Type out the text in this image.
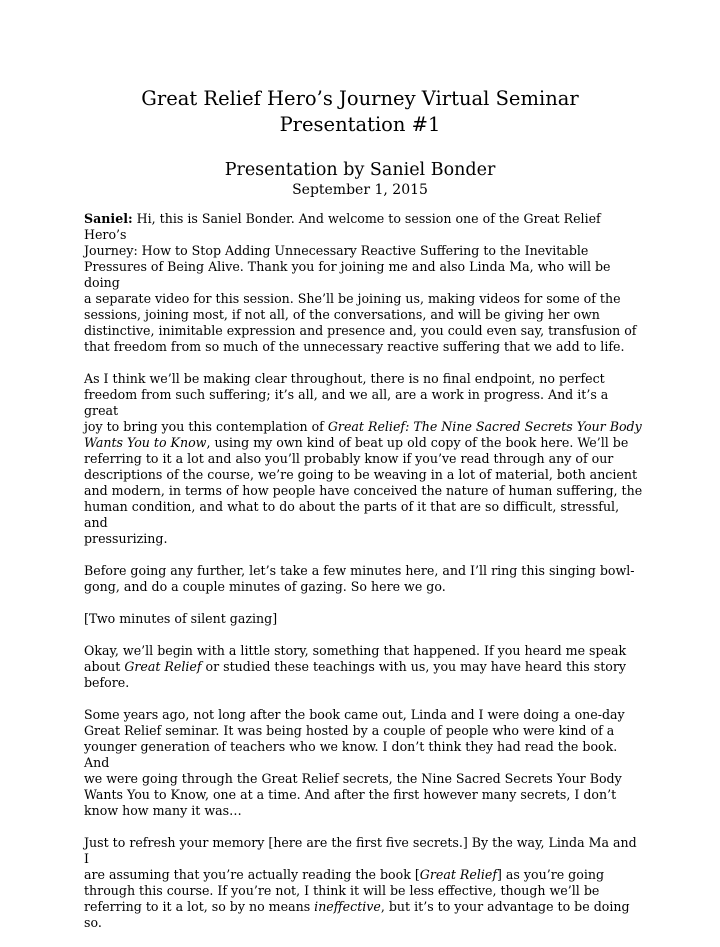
Great Relief Hero’s Journey Virtual Seminar
Presentation #1
Presentation by Saniel Bonder
September 1, 2015

Saniel: Hi, this is Saniel Bonder. And welcome to session one of the Great Relief Hero’s
Journey: How to Stop Adding Unnecessary Reactive Suffering to the Inevitable
Pressures of Being Alive. Thank you for joining me and also Linda Ma, who will be doing
a separate video for this session. She’ll be joining us, making videos for some of the
sessions, joining most, if not all, of the conversations, and will be giving her own
distinctive, inimitable expression and presence and, you could even say, transfusion of
that freedom from so much of the unnecessary reactive suffering that we add to life.

As I think we’ll be making clear throughout, there is no final endpoint, no perfect
freedom from such suffering; it’s all, and we all, are a work in progress. And it’s a great
joy to bring you this contemplation of Great Relief: The Nine Sacred Secrets Your Body
Wants You to Know, using my own kind of beat up old copy of the book here. We’ll be
referring to it a lot and also you’ll probably know if you’ve read through any of our
descriptions of the course, we’re going to be weaving in a lot of material, both ancient
and modern, in terms of how people have conceived the nature of human suffering, the
human condition, and what to do about the parts of it that are so difficult, stressful, and
pressurizing.

Before going any further, let’s take a few minutes here, and I’ll ring this singing bowl-
gong, and do a couple minutes of gazing. So here we go.

[Two minutes of silent gazing]

Okay, we’ll begin with a little story, something that happened. If you heard me speak
about Great Relief or studied these teachings with us, you may have heard this story
before.

Some years ago, not long after the book came out, Linda and I were doing a one-day
Great Relief seminar. It was being hosted by a couple of people who were kind of a
younger generation of teachers who we know. I don’t think they had read the book. And
we were going through the Great Relief secrets, the Nine Sacred Secrets Your Body
Wants You to Know, one at a time. And after the first however many secrets, I don’t
know how many it was…

Just to refresh your memory [here are the first five secrets.] By the way, Linda Ma and I
are assuming that you’re actually reading the book [Great Relief] as you’re going
through this course. If you’re not, I think it will be less effective, though we’ll be
referring to it a lot, so by no means ineffective, but it’s to your advantage to be doing so.
